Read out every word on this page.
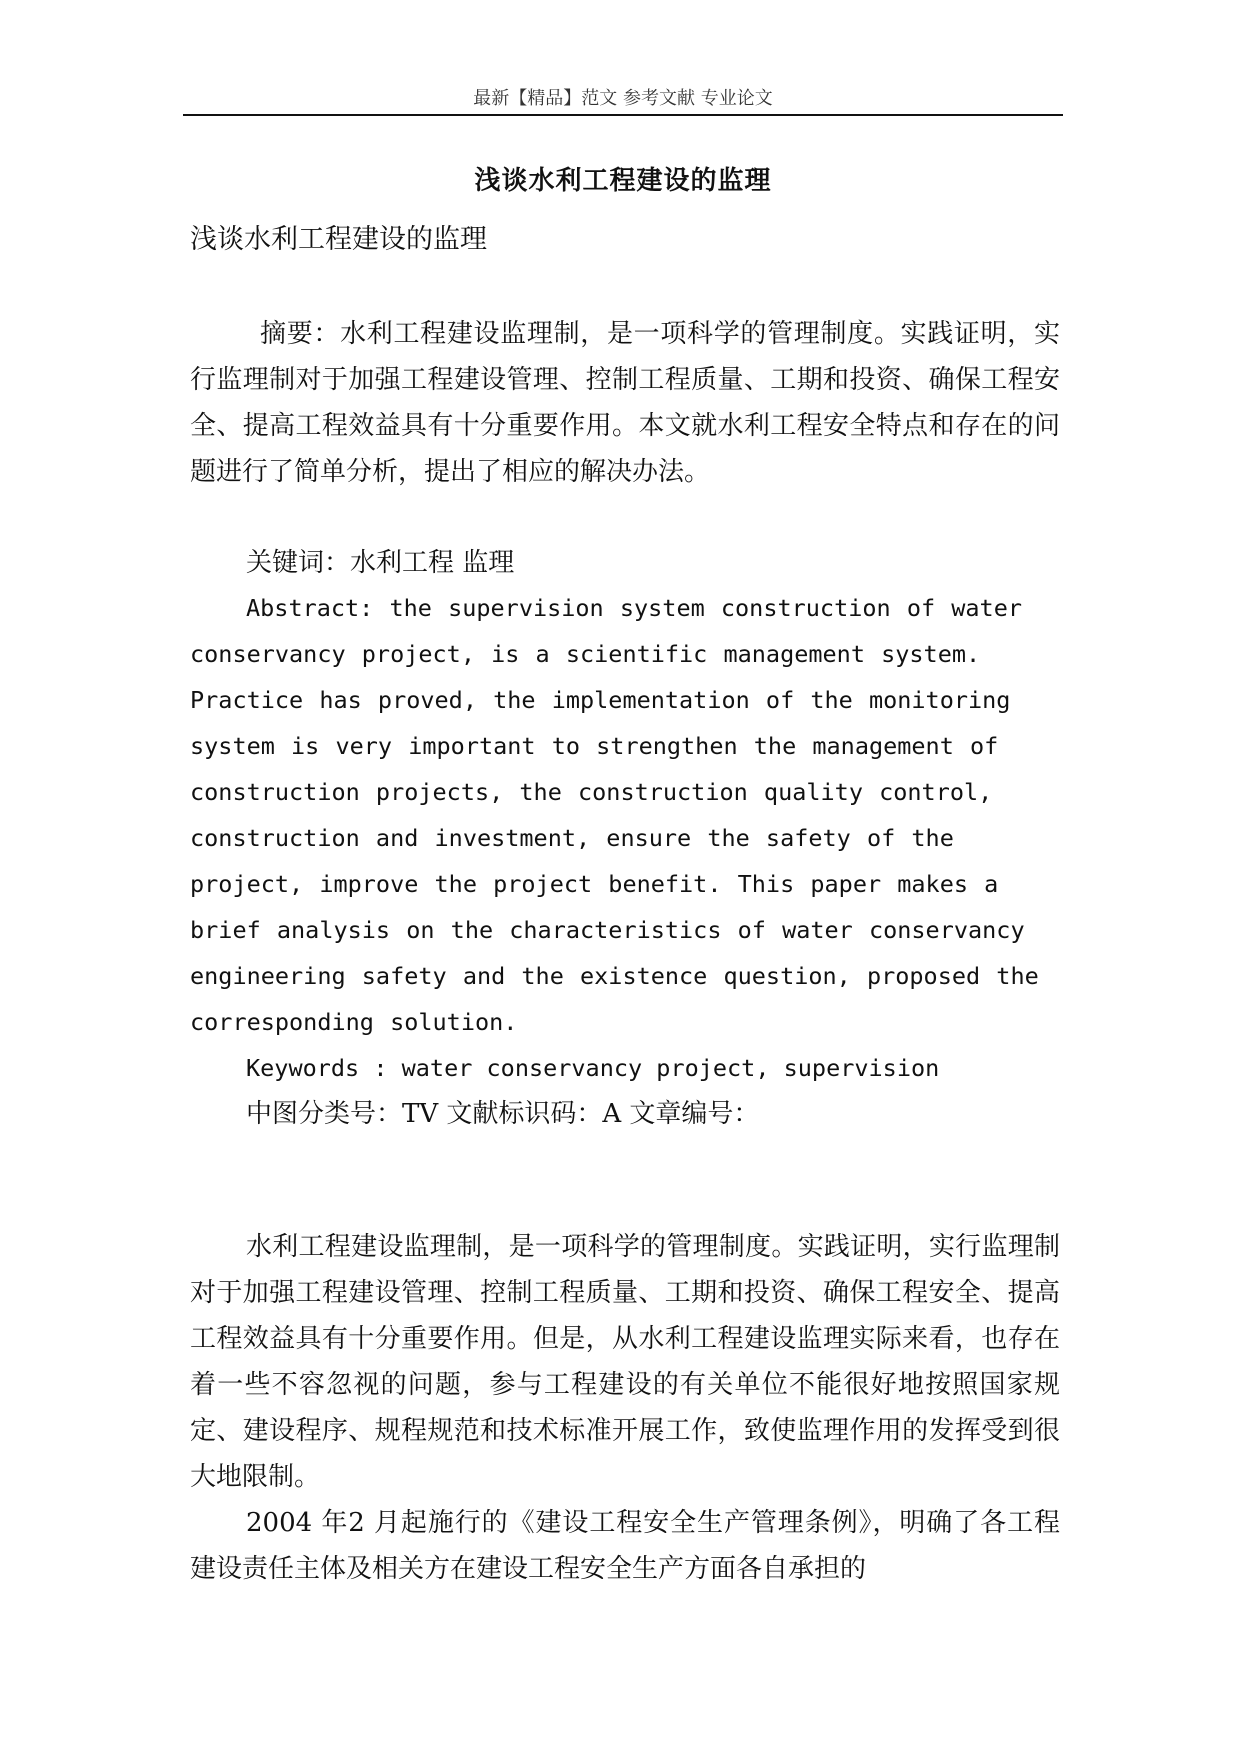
最新【精品】范文 参考文献 专业论文
浅谈水利工程建设的监理
浅谈水利工程建设的监理

摘要：水利工程建设监理制，是一项科学的管理制度。实践证明，实行监理制对于加强工程建设管理、控制工程质量、工期和投资、确保工程安全、提高工程效益具有十分重要作用。本文就水利工程安全特点和存在的问题进行了简单分析，提出了相应的解决办法。

关键词：水利工程 监理

Abstract: the supervision system construction of water conservancy project, is a scientific management system. Practice has proved, the implementation of the monitoring system is very important to strengthen the management of construction projects, the construction quality control, construction and investment, ensure the safety of the project, improve the project benefit. This paper makes a brief analysis on the characteristics of water conservancy engineering safety and the existence question, proposed the corresponding solution.

Keywords : water conservancy project, supervision

中图分类号：TV 文献标识码：A 文章编号：

水利工程建设监理制，是一项科学的管理制度。实践证明，实行监理制对于加强工程建设管理、控制工程质量、工期和投资、确保工程安全、提高工程效益具有十分重要作用。但是，从水利工程建设监理实际来看，也存在着一些不容忽视的问题，参与工程建设的有关单位不能很好地按照国家规定、建设程序、规程规范和技术标准开展工作，致使监理作用的发挥受到很大地限制。

2004 年2 月起施行的《建设工程安全生产管理条例》，明确了各工程建设责任主体及相关方在建设工程安全生产方面各自承担的
